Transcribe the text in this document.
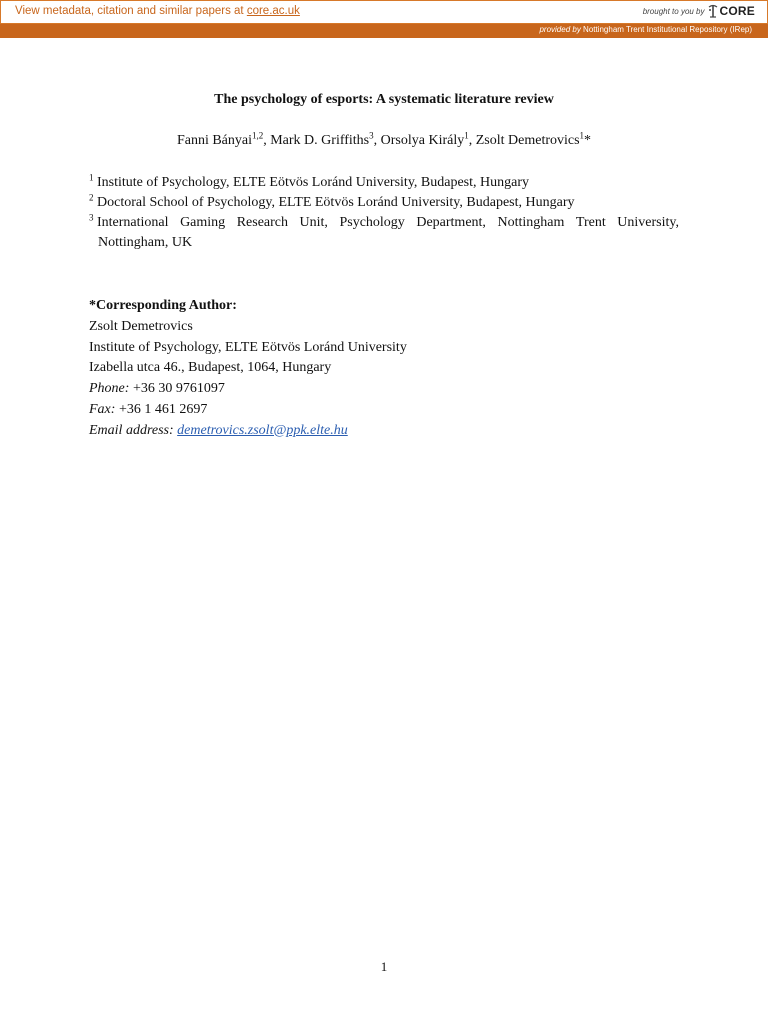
View metadata, citation and similar papers at core.ac.uk	brought to you by CORE
provided by Nottingham Trent Institutional Repository (IRep)
The psychology of esports: A systematic literature review
Fanni Bányai$^{1,2}$, Mark D. Griffiths$^3$, Orsolya Király$^1$, Zsolt Demetrovics$^1$*
$^1$ Institute of Psychology, ELTE Eötvös Loránd University, Budapest, Hungary
$^2$ Doctoral School of Psychology, ELTE Eötvös Loránd University, Budapest, Hungary
$^3$ International Gaming Research Unit, Psychology Department, Nottingham Trent University,
Nottingham, UK
*Corresponding Author:
Zsolt Demetrovics
Institute of Psychology, ELTE Eötvös Loránd University
Izabella utca 46., Budapest, 1064, Hungary
Phone: +36 30 9761097
Fax: +36 1 461 2697
Email address: demetrovics.zsolt@ppk.elte.hu
1
